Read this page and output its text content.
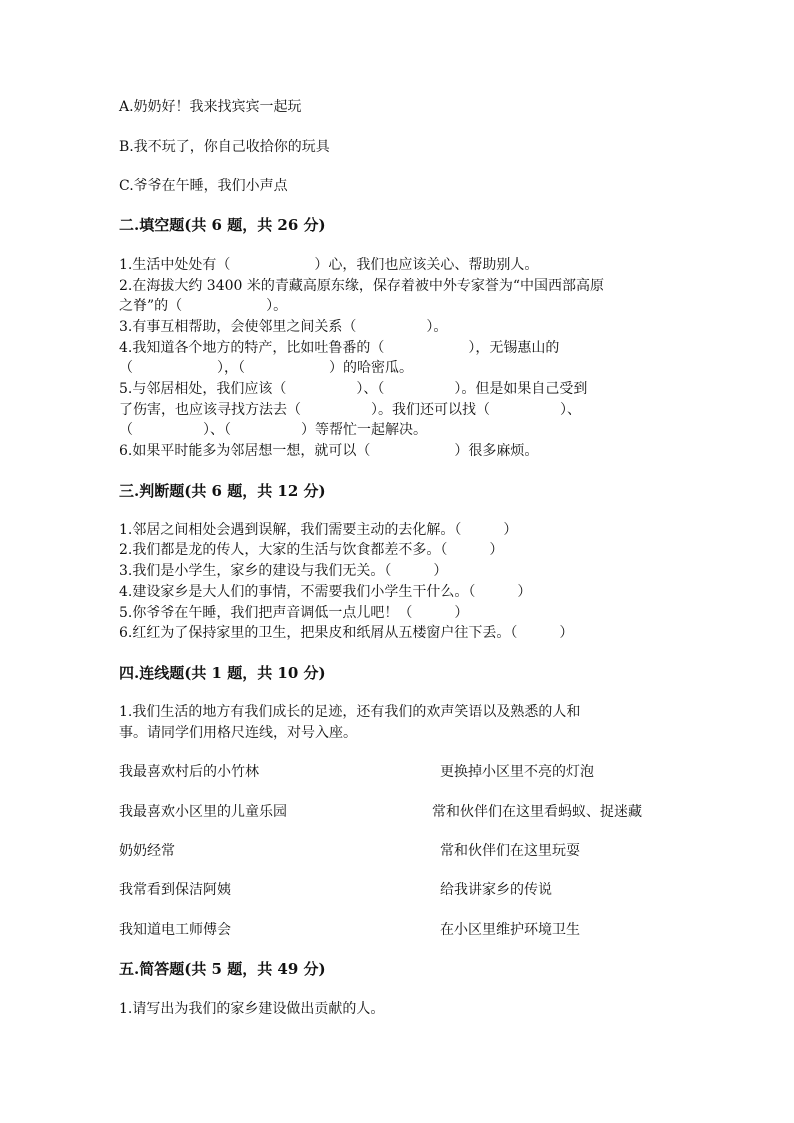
A.奶奶好！我来找宾宾一起玩
B.我不玩了，你自己收拾你的玩具
C.爷爷在午睡，我们小声点
二.填空题(共 6 题，共 26 分)
1.生活中处处有（　　　　　　）心，我们也应该关心、帮助别人。
2.在海拔大约 3400 米的青藏高原东缘，保存着被中外专家誉为“中国西部高原
之脊”的（　　　　　　）。
3.有事互相帮助，会使邻里之间关系（　　　　　）。
4.我知道各个地方的特产，比如吐鲁番的（　　　　　　），无锡惠山的
（　　　　　　），（　　　　　　）的哈密瓜。
5.与邻居相处，我们应该（　　　　　）、（　　　　　）。但是如果自己受到
了伤害，也应该寻找方法去（　　　　　）。我们还可以找（　　　　　）、
（　　　　　）、（　　　　　）等帮忙一起解决。
6.如果平时能多为邻居想一想，就可以（　　　　　　）很多麻烦。
三.判断题(共 6 题，共 12 分)
1.邻居之间相处会遇到误解，我们需要主动的去化解。（　　　）
2.我们都是龙的传人，大家的生活与饮食都差不多。（　　　）
3.我们是小学生，家乡的建设与我们无关。（　　　）
4.建设家乡是大人们的事情，不需要我们小学生干什么。（　　　）
5.你爷爷在午睡，我们把声音调低一点儿吧！（　　　）
6.红红为了保持家里的卫生，把果皮和纸屑从五楼窗户往下丢。（　　　）
四.连线题(共 1 题，共 10 分)
1.我们生活的地方有我们成长的足迹，还有我们的欢声笑语以及熟悉的人和
事。请同学们用格尺连线，对号入座。
我最喜欢村后的小竹林
我最喜欢小区里的儿童乐园
奶奶经常
我常看到保洁阿姨
我知道电工师傅会
更换掉小区里不亮的灯泡
常和伙伴们在这里看蚂蚁、捉迷藏
常和伙伴们在这里玩耍
给我讲家乡的传说
在小区里维护环境卫生
五.简答题(共 5 题，共 49 分)
1.请写出为我们的家乡建设做出贡献的人。
